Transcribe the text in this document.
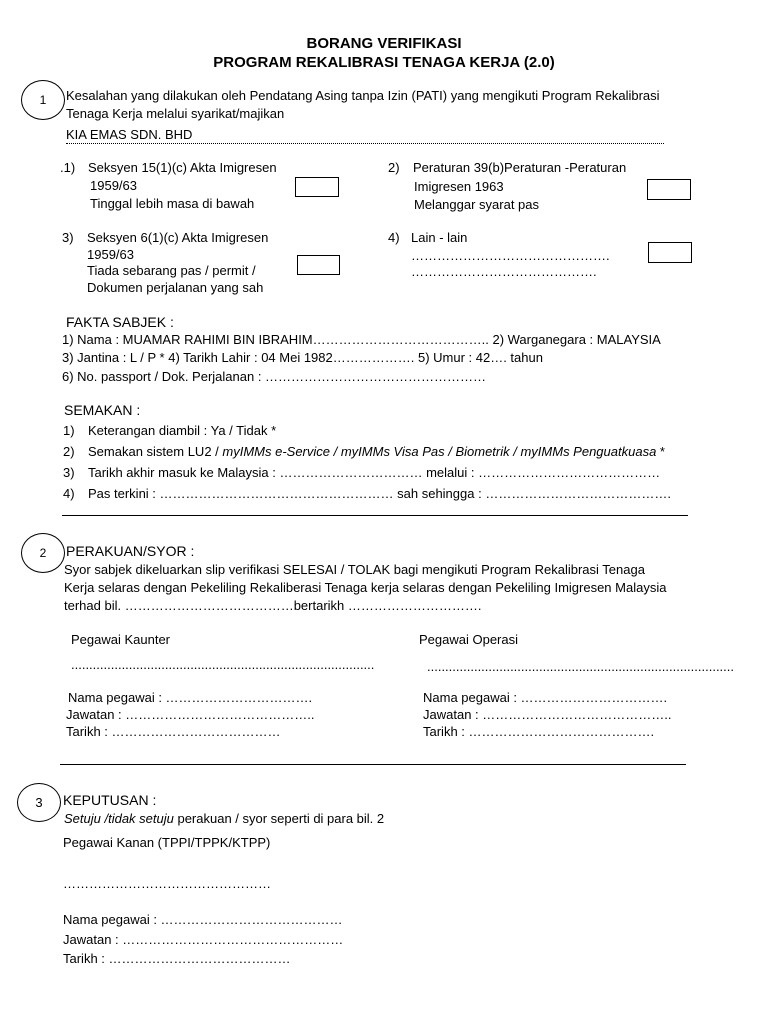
BORANG VERIFIKASI
PROGRAM REKALIBRASI TENAGA KERJA (2.0)
1 Kesalahan yang dilakukan oleh Pendatang Asing tanpa Izin (PATI) yang mengikuti Program Rekalibrasi
Tenaga Kerja melalui syarikat/majikan
KIA EMAS SDN. BHD
.1) Seksyen 15(1)(c) Akta Imigresen
1959/63
Tinggal lebih masa di bawah
2) Peraturan 39(b)Peraturan -Peraturan
Imigresen 1963
Melanggar syarat pas
3) Seksyen 6(1)(c) Akta Imigresen
1959/63
Tiada sebarang pas / permit /
Dokumen perjalanan yang sah
4) Lain - lain
……………………………………….
…………………………………….
FAKTA SABJEK :
1) Nama : MUAMAR RAHIMI BIN IBRAHIM………………………………….. 2) Warganegara : MALAYSIA
3) Jantina : L / P * 4) Tarikh Lahir : 04 Mei 1982………………. 5) Umur : 42…. tahun
6) No. passport / Dok. Perjalanan : ……………………………………………
SEMAKAN :
1) Keterangan diambil : Ya / Tidak *
2) Semakan sistem LU2 / myIMMs e-Service / myIMMs Visa Pas / Biometrik / myIMMs Penguatkuasa *
3) Tarikh akhir masuk ke Malaysia : …………………………… melalui : ……………………………………
4) Pas terkini : ……………………………………………… sah sehingga : …………………………………….
2 PERAKUAN/SYOR :
Syor sabjek dikeluarkan slip verifikasi SELESAI / TOLAK bagi mengikuti Program Rekalibrasi Tenaga
Kerja selaras dengan Pekeliling Rekaliberasi Tenaga kerja selaras dengan Pekeliling Imigresen Malaysia
terhad bil. …………………………………bertarikh ………………………….
Pegawai Kaunter
....................................................................................
Nama pegawai : …………………………….
Jawatan : ……………………………………..
Tarikh : …………………………………
Pegawai Operasi
.....................................................................................
Nama pegawai : …………………………….
Jawatan : ……………………………………..
Tarikh : …………………………………….
3 KEPUTUSAN :
Setuju /tidak setuju perakuan / syor seperti di para bil. 2
Pegawai Kanan (TPPI/TPPK/KTPP)
…………………………………………
Nama pegawai : ……………………………………
Jawatan : ……………………………………………
Tarikh : ……………………………………
